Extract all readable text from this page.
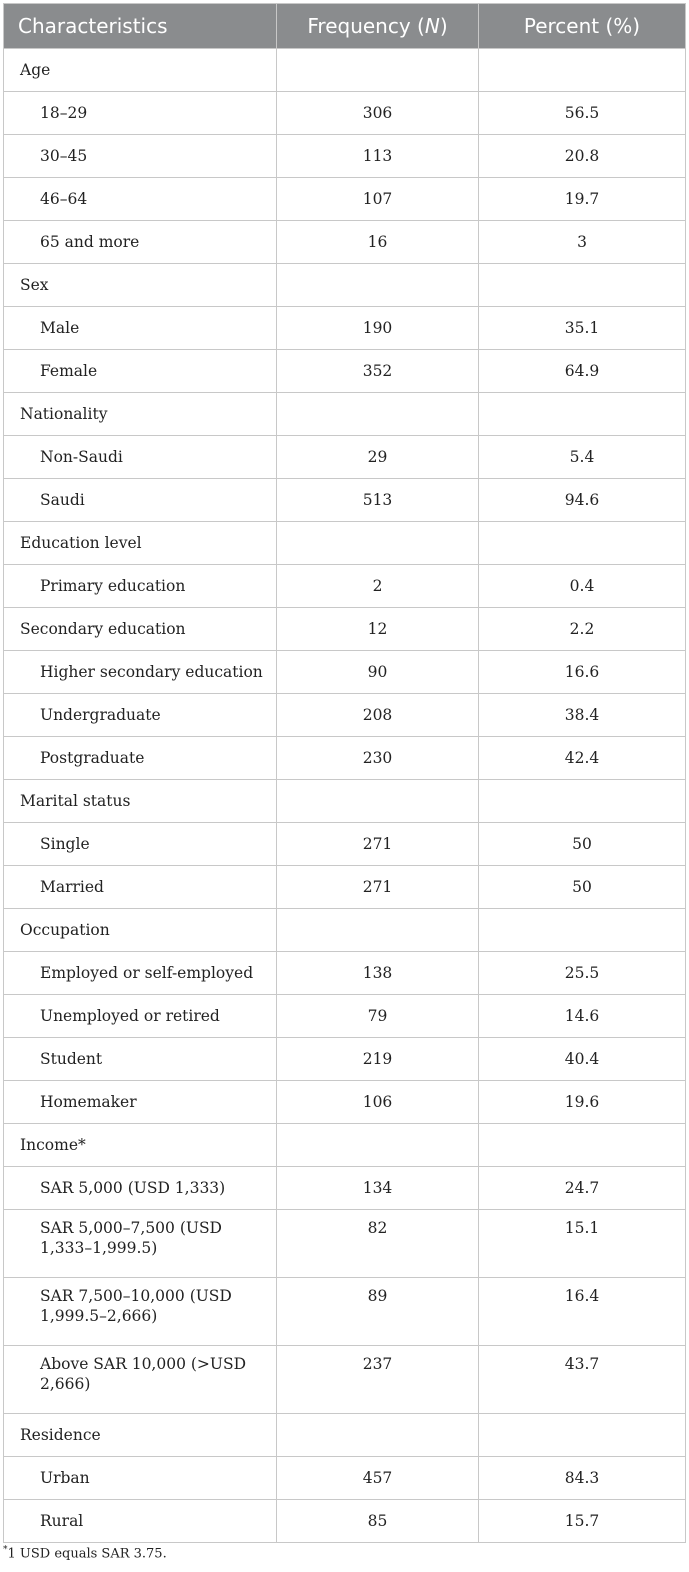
Characteristics	Frequency (N)	Percent (%)
Age		
18–29	306	56.5
30–45	113	20.8
46–64	107	19.7
65 and more	16	3
Sex		
Male	190	35.1
Female	352	64.9
Nationality		
Non-Saudi	29	5.4
Saudi	513	94.6
Education level		
Primary education	2	0.4
Secondary education	12	2.2
Higher secondary education	90	16.6
Undergraduate	208	38.4
Postgraduate	230	42.4
Marital status		
Single	271	50
Married	271	50
Occupation		
Employed or self-employed	138	25.5
Unemployed or retired	79	14.6
Student	219	40.4
Homemaker	106	19.6
Income*		
SAR 5,000 (USD 1,333)	134	24.7
SAR 5,000–7,500 (USD 1,333–1,999.5)	82	15.1
SAR 7,500–10,000 (USD 1,999.5–2,666)	89	16.4
Above SAR 10,000 (>USD 2,666)	237	43.7
Residence		
Urban	457	84.3
Rural	85	15.7
*1 USD equals SAR 3.75.
